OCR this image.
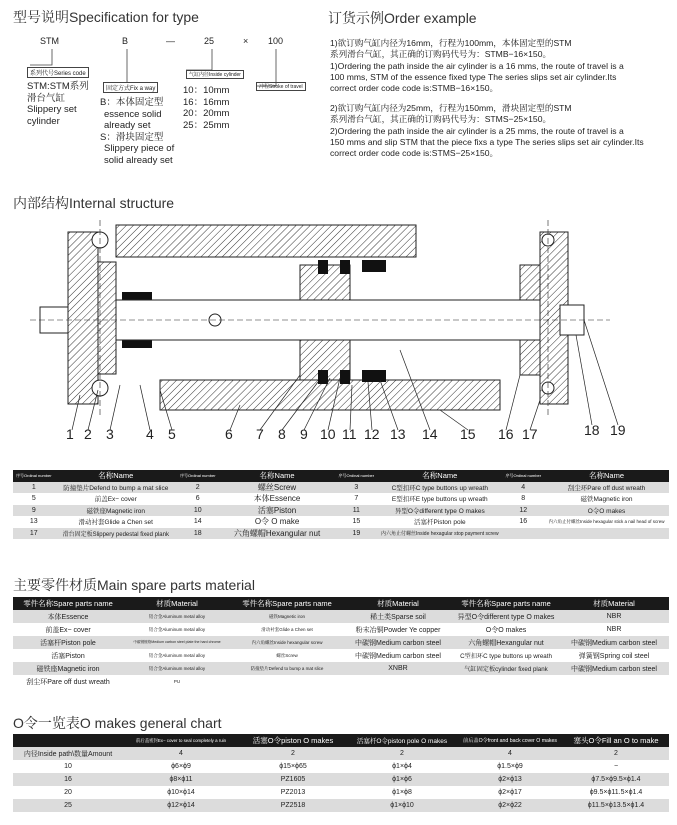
型号说明Specification for type
STM	B	—	25	× 100
系列代号Series code
固定方式Fix a way
气缸内径Inside cylinder
冲程Stroke of travel
STM:STM系列
滑台气缸
Slippery set
cylinder
B：本体固定型
essence solid
already set
S：滑块固定型
Slippery piece of
solid already set
10：10mm
16：16mm
20：20mm
25：25mm
订货示例Order example
1)欲订购气缸内径为16mm，行程为100mm，本体固定型的STM
系列滑台气缸，其正确的订购码代号为：STMB−16×150。
1)Ordering the path inside the air cylinder is a 16 mms, the route of travel is a
100 mms, STM of the essence fixed type The series slips set air cylinder.Its
correct order code code is:STMB−16×150。
2)欲订购气缸内径为25mm，行程为150mm，滑块固定型的STM
系列滑台气缸，其正确的订购码代号为：STMS−25×150。
2)Ordering the path inside the air cylinder is a 25 mms, the route of travel is a
150 mms and slip STM that the piece fixs a type The series slips set air cylinder.Its
correct order code code is:STMS−25×150。
内部结构Internal structure
1 2 3 4 5	6 7 8 9 10 11 12 13 14 15 16 17	18 19
序号Ordinal number	名称Name	序号Ordinal number	名称Name	序号Ordinal number	名称Name	序号Ordinal number	名称Name
1	防撞垫片Defend to bump a mat slice	2	螺丝Screw	3	C型扣环C type buttons up wreath	4	刮尘环Pare off dust wreath
5	前盖Ex− cover	6	本体Essence	7	E型扣环E type buttons up wreath	8	磁铁Magnetic iron
9	磁铁座Magnetic iron	10	活塞Piston	11	异型O令different type O makes	12	O令O makes
13	滑动衬套Glide a Chen set	14	O令 O make	15	活塞杆Piston pole	16	内六角止付螺丝Inside hexagular stick a nail head of screw
17	滑台固定板Slippery pedestal fixed plank	18	六角螺帽Hexangular nut	19	内六角止付螺丝Inside hexagular stop payment screw		
主要零件材质Main spare parts material
零件名称Spare parts name	材质Material	零件名称Spare parts name	材质Material	零件名称Spare parts name	材质Material
本体Essence	铝合金Aluminum metal alloy	磁铁Magnetic iron	稀土类Sparse soil	异型O令different type O makes	NBR
前盖Ex− cover	铝合金Aluminum metal alloy	滑动衬套Glide a Chen set	粉末冶铜Powder Ye copper	O令O makes	NBR
活塞杆Piston pole	中碳钢镀铬Medium carbon steel plate the hard chrome	内六角螺丝Inside hexangular screw	中碳钢Medium carbon steel	六角螺帽Hexangular nut	中碳钢Medium carbon steel
活塞Piston	铝合金Aluminum metal alloy	螺丝Screw	中碳钢Medium carbon steel	C型扣环C type buttons up wreath	弹簧钢Spring coil steel
磁铁座Magnetic iron	铝合金Aluminum metal alloy	防撞垫片Defend to bump a mat slice	XNBR	气缸固定板cylinder fixed plank	中碳钢Medium carbon steel
刮尘环Pare off dust wreath	PU				
O令一览表O makes general chart
	前后盖密封Ex− cover to seal completely a ruin	活塞O令piston O makes	活塞杆O令piston pole O makes	前后盖O令front and back cover O makes	塞头O令Fill an O to make
内径Inside path\数量Amount	4	2	2	4	2
10	ϕ6×ϕ9	ϕ15×ϕ65	ϕ1×ϕ4	ϕ1.5×ϕ9	−
16	ϕ8×ϕ11	PZ1605	ϕ1×ϕ6	ϕ2×ϕ13	ϕ7.5×ϕ9.5×ϕ1.4
20	ϕ10×ϕ14	PZ2013	ϕ1×ϕ8	ϕ2×ϕ17	ϕ9.5×ϕ11.5×ϕ1.4
25	ϕ12×ϕ14	PZ2518	ϕ1×ϕ10	ϕ2×ϕ22	ϕ11.5×ϕ13.5×ϕ1.4
